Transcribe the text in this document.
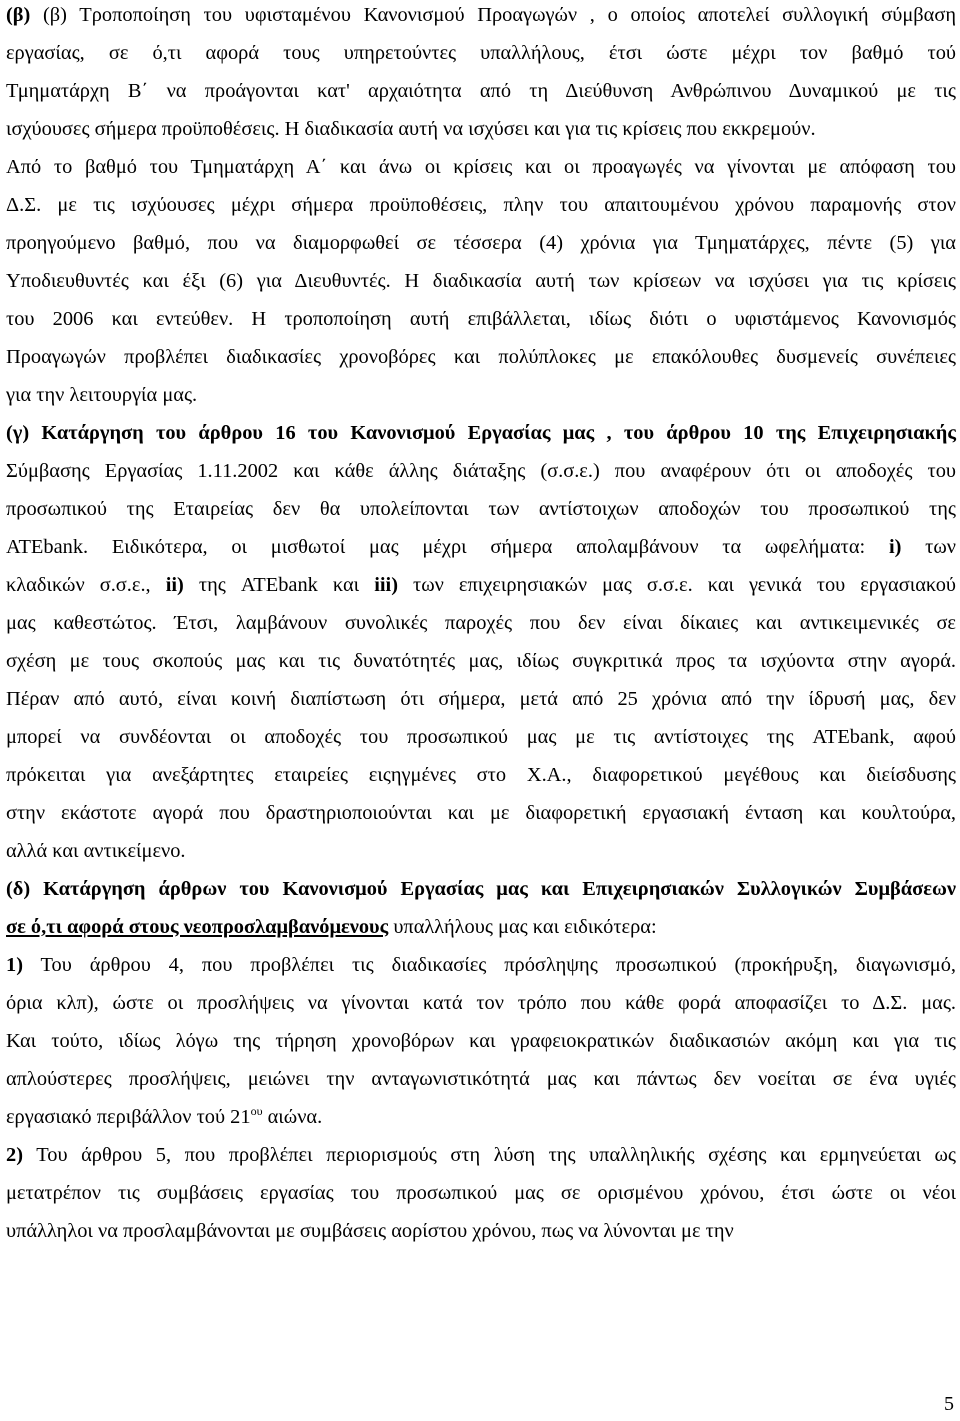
(β) (β) Τροποποίηση του υφισταμένου Κανονισμού Προαγωγών , ο οποίος αποτελεί συλλογική σύμβαση

εργασίας, σε ό,τι αφορά τους υπηρετούντες υπαλλήλους, έτσι ώστε μέχρι τον βαθμό τού

Τμηματάρχη Β΄ να προάγονται κατ' αρχαιότητα από τη Διεύθυνση Ανθρώπινου Δυναμικού με τις

ισχύουσες σήμερα προϋποθέσεις. Η διαδικασία αυτή να ισχύσει και για τις κρίσεις που εκκρεμούν.

Από το βαθμό του Τμηματάρχη Α΄ και άνω οι κρίσεις και οι προαγωγές να γίνονται με απόφαση του

Δ.Σ. με τις ισχύουσες μέχρι σήμερα προϋποθέσεις, πλην του απαιτουμένου χρόνου παραμονής στον

προηγούμενο βαθμό, που να διαμορφωθεί σε τέσσερα (4) χρόνια για Τμηματάρχες, πέντε (5) για

Υποδιευθυντές και έξι (6) για Διευθυντές. Η διαδικασία αυτή των κρίσεων να ισχύσει για τις κρίσεις

του 2006 και εντεύθεν. Η τροποποίηση αυτή επιβάλλεται, ιδίως διότι ο υφιστάμενος Κανονισμός

Προαγωγών προβλέπει διαδικασίες χρονοβόρες και πολύπλοκες με επακόλουθες δυσμενείς συνέπειες

για την λειτουργία μας.

(γ) Κατάργηση του άρθρου 16 του Κανονισμού Εργασίας μας , του άρθρου 10 της Επιχειρησιακής

Σύμβασης Εργασίας 1.11.2002 και κάθε άλλης διάταξης (σ.σ.ε.) που αναφέρουν ότι οι αποδοχές του

προσωπικού της Εταιρείας δεν θα υπολείπονται των αντίστοιχων αποδοχών του προσωπικού της

ATEbank. Ειδικότερα, οι μισθωτοί μας μέχρι σήμερα απολαμβάνουν τα ωφελήματα: i) των

κλαδικών σ.σ.ε., ii) της ATEbank και iii) των επιχειρησιακών μας σ.σ.ε. και γενικά του εργασιακού

μας καθεστώτος. Έτσι, λαμβάνουν συνολικές παροχές που δεν είναι δίκαιες και αντικειμενικές σε

σχέση με τους σκοπούς μας και τις δυνατότητές μας, ιδίως συγκριτικά προς τα ισχύοντα στην αγορά.

Πέραν από αυτό, είναι κοινή διαπίστωση ότι σήμερα, μετά από 25 χρόνια από την ίδρυσή μας, δεν

μπορεί να συνδέονται οι αποδοχές του προσωπικού μας με τις αντίστοιχες της ATEbank, αφού

πρόκειται για ανεξάρτητες εταιρείες ειςηγμένες στο Χ.Α., διαφορετικού μεγέθους και διείσδυσης

στην εκάστοτε αγορά που δραστηριοποιούνται και με διαφορετική εργασιακή ένταση και κουλτούρα,

αλλά και αντικείμενο.

(δ) Κατάργηση άρθρων του Κανονισμού Εργασίας μας και Επιχειρησιακών Συλλογικών Συμβάσεων

σε ό,τι αφορά στους νεοπροσλαμβανόμενους υπαλλήλους μας και ειδικότερα:

1) Του άρθρου 4, που προβλέπει τις διαδικασίες πρόσληψης προσωπικού (προκήρυξη, διαγωνισμό,

όρια κλπ), ώστε οι προσλήψεις να γίνονται κατά τον τρόπο που κάθε φορά αποφασίζει το Δ.Σ. μας.

Και τούτο, ιδίως λόγω της τήρηση χρονοβόρων και γραφειοκρατικών διαδικασιών ακόμη και για τις

απλούστερες προσλήψεις, μειώνει την ανταγωνιστικότητά μας και πάντως δεν νοείται σε ένα υγιές

εργασιακό περιβάλλον τού $21^{o\upsilon}$ αιώνα.

2) Του άρθρου 5, που προβλέπει περιορισμούς στη λύση της υπαλληλικής σχέσης και ερμηνεύεται ως

μετατρέπον τις συμβάσεις εργασίας του προσωπικού μας σε ορισμένου χρόνου, έτσι ώστε οι νέοι

υπάλληλοι να προσλαμβάνονται με συμβάσεις αορίστου χρόνου, πως να λύνονται με την

5
